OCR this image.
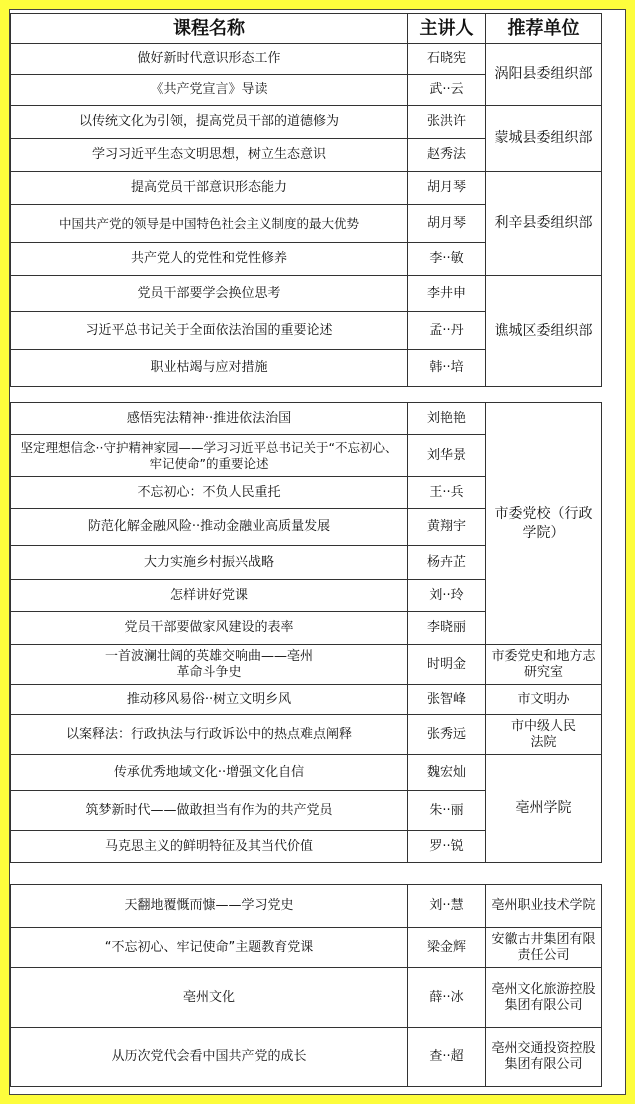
课程名称	主讲人	推荐单位
做好新时代意识形态工作	石晓宪	涡阳县委组织部
《共产党宣言》导读	武··云	
以传统文化为引领，提高党员干部的道德修为	张洪许	蒙城县委组织部
学习习近平生态文明思想，树立生态意识	赵秀法	
提高党员干部意识形态能力	胡月琴	利辛县委组织部
中国共产党的领导是中国特色社会主义制度的最大优势	胡月琴	
共产党人的党性和党性修养	李··敏	
党员干部要学会换位思考	李井申	谯城区委组织部
习近平总书记关于全面依法治国的重要论述	孟··丹	
职业枯竭与应对措施	韩··培	
感悟宪法精神··推进依法治国	刘艳艳	市委党校（行政学院）
坚定理想信念··守护精神家园——学习习近平总书记关于“不忘初心、牢记使命”的重要论述	刘华景	
不忘初心：不负人民重托	王··兵	
防范化解金融风险··推动金融业高质量发展	黄翔宇	
大力实施乡村振兴战略	杨卉芷	
怎样讲好党课	刘··玲	
党员干部要做家风建设的表率	李晓丽	
一首波澜壮阔的英雄交响曲——亳州革命斗争史	时明金	市委党史和地方志研究室
推动移风易俗··树立文明乡风	张智峰	市文明办
以案释法：行政执法与行政诉讼中的热点难点阐释	张秀远	市中级人民法院
传承优秀地域文化··增强文化自信	魏宏灿	亳州学院
筑梦新时代——做敢担当有作为的共产党员	朱··丽	
马克思主义的鲜明特征及其当代价值	罗··锐	
天翻地覆慨而慷——学习党史	刘··慧	亳州职业技术学院
“不忘初心、牢记使命”主题教育党课	梁金辉	安徽古井集团有限责任公司
亳州文化	薛··冰	亳州文化旅游控股集团有限公司
从历次党代会看中国共产党的成长	查··超	亳州交通投资控股集团有限公司
